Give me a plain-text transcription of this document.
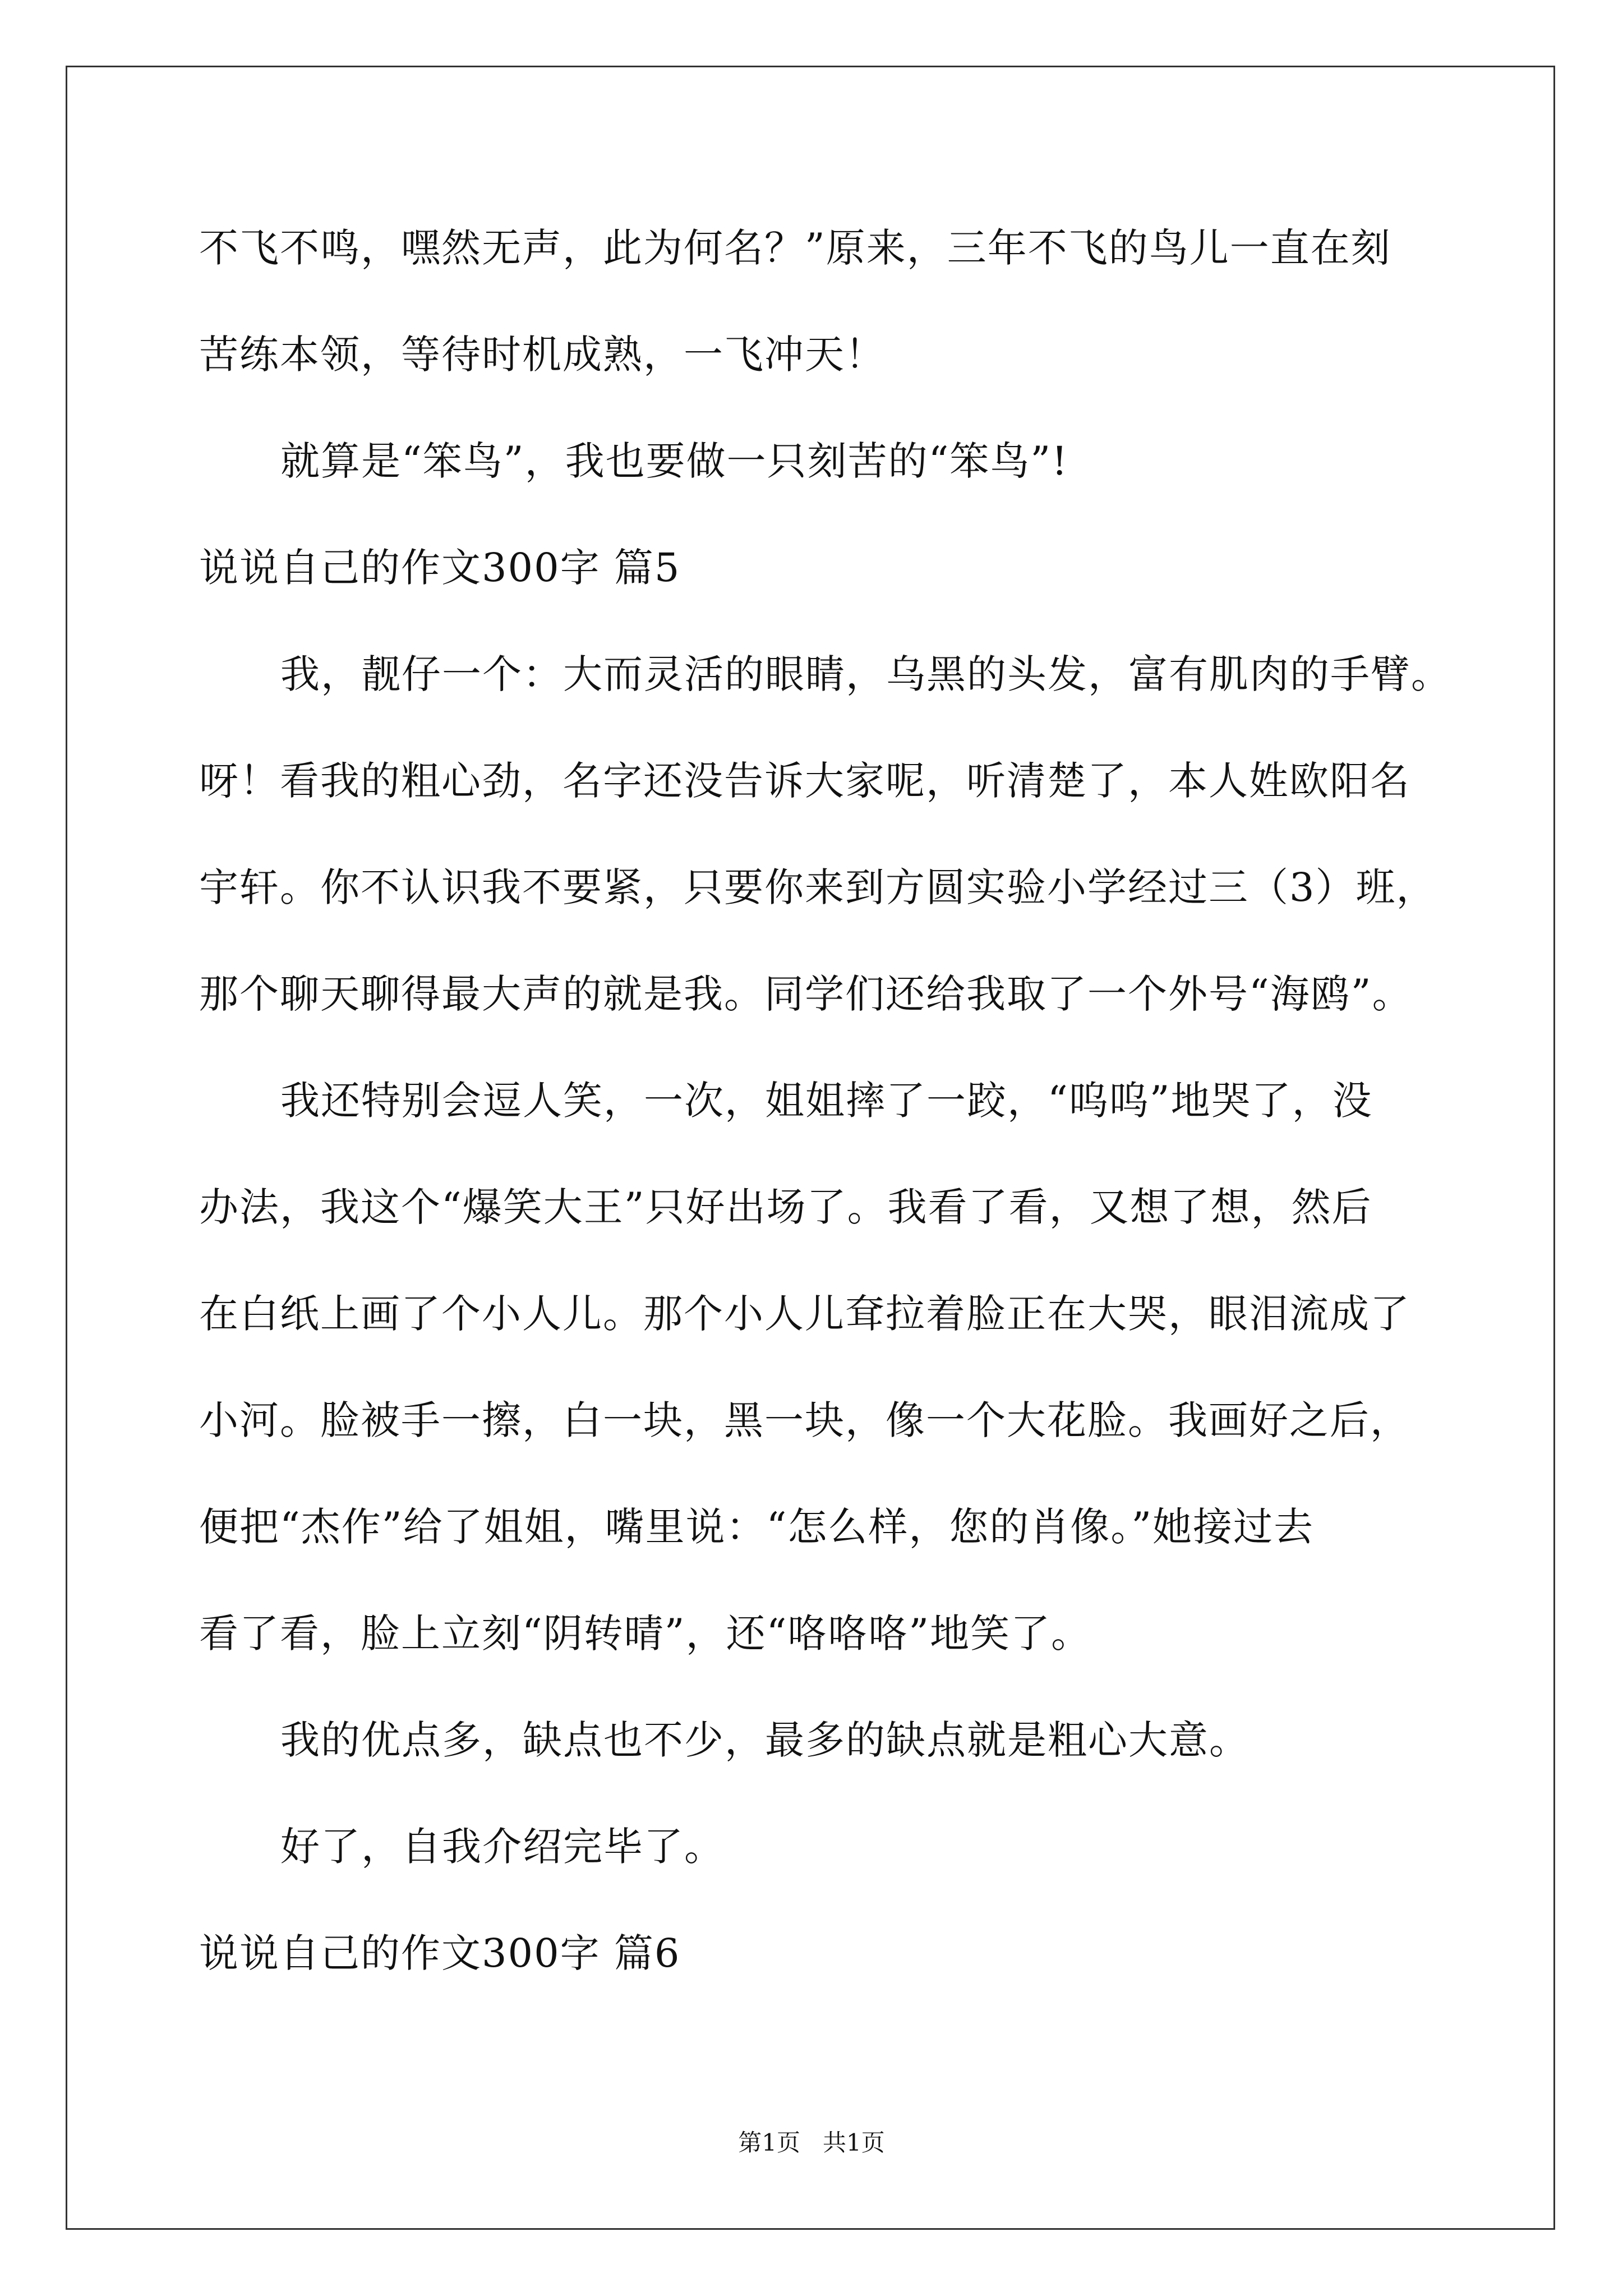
不飞不鸣，嘿然无声，此为何名？”原来，三年不飞的鸟儿一直在刻
苦练本领，等待时机成熟，一飞冲天！
就算是“笨鸟”，我也要做一只刻苦的“笨鸟”!
说说自己的作文300字 篇5
我，靓仔一个：大而灵活的眼睛，乌黑的头发，富有肌肉的手臂。
呀！看我的粗心劲，名字还没告诉大家呢，听清楚了，本人姓欧阳名
宇轩。你不认识我不要紧，只要你来到方圆实验小学经过三（3）班，
那个聊天聊得最大声的就是我。同学们还给我取了一个外号“海鸥”。
我还特别会逗人笑，一次，姐姐摔了一跤，“呜呜”地哭了，没
办法，我这个“爆笑大王”只好出场了。我看了看，又想了想，然后
在白纸上画了个小人儿。那个小人儿耷拉着脸正在大哭，眼泪流成了
小河。脸被手一擦，白一块，黑一块，像一个大花脸。我画好之后，
便把“杰作”给了姐姐，嘴里说：“怎么样，您的肖像。”她接过去
看了看，脸上立刻“阴转晴”，还“咯咯咯”地笑了。
我的优点多，缺点也不少，最多的缺点就是粗心大意。
好了，自我介绍完毕了。
说说自己的作文300字 篇6
第1页   共1页
